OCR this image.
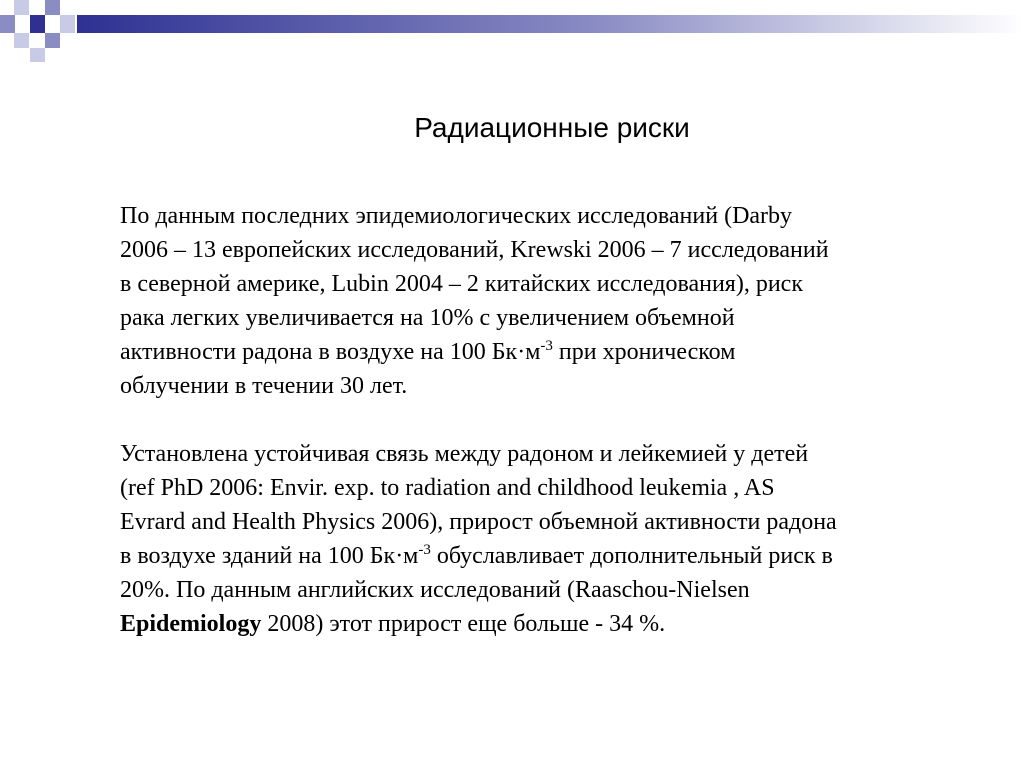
Радиационные риски
По данным последних эпидемиологических исследований (Darby
2006 – 13 европейских исследований, Krewski 2006 – 7 исследований
в северной америке, Lubin 2004 – 2 китайских исследования), риск
рака легких увеличивается на 10% с увеличением объемной
активности радона в воздухе на 100 $Бк\cdot м^{-3}$ при хроническом
облучении в течении 30 лет.
Установлена устойчивая связь между радоном и лейкемией у детей
(ref PhD 2006: Envir. exp. to radiation and childhood leukemia , AS
Evrard and Health Physics 2006), прирост объемной активности радона
в воздухе зданий на 100 $Бк\cdot м^{-3}$ обуславливает дополнительный риск в
20%. По данным английских исследований (Raaschou-Nielsen
Epidemiology 2008) этот прирост еще больше - 34 %.
